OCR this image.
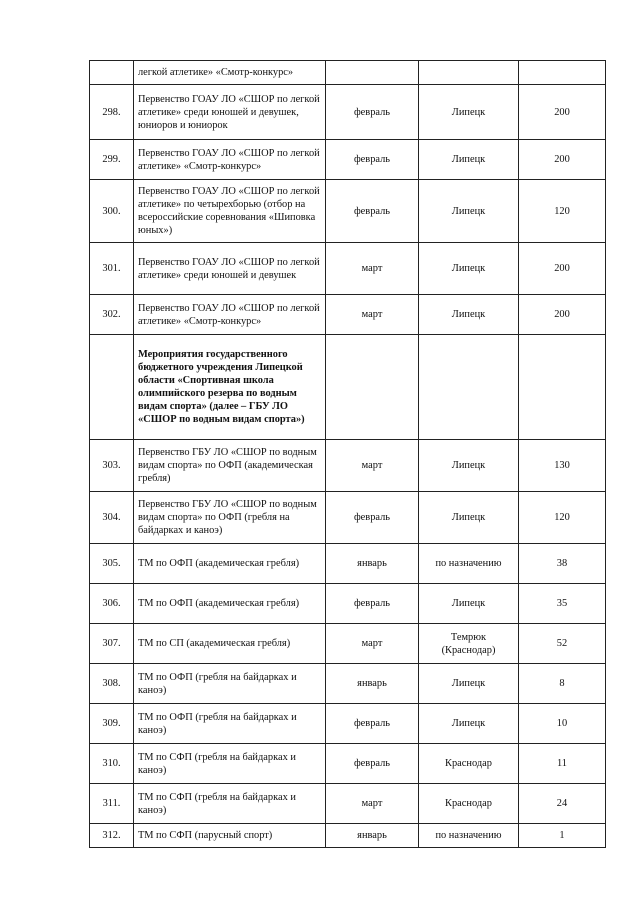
	легкой атлетике» «Смотр-конкурс»			
298.	Первенство ГОАУ ЛО «СШОР по легкой атлетике» среди юношей и девушек, юниоров и юниорок	февраль	Липецк	200
299.	Первенство ГОАУ ЛО «СШОР по легкой атлетике» «Смотр-конкурс»	февраль	Липецк	200
300.	Первенство ГОАУ ЛО «СШОР по легкой атлетике» по четырехборью (отбор на всероссийские соревнования «Шиповка юных»)	февраль	Липецк	120
301.	Первенство ГОАУ ЛО «СШОР по легкой атлетике» среди юношей и девушек	март	Липецк	200
302.	Первенство ГОАУ ЛО «СШОР по легкой атлетике» «Смотр-конкурс»	март	Липецк	200
	Мероприятия государственного бюджетного учреждения Липецкой области «Спортивная школа олимпийского резерва по водным видам спорта» (далее – ГБУ ЛО «СШОР по водным видам спорта»)			
303.	Первенство ГБУ ЛО «СШОР по водным видам спорта» по ОФП (академическая гребля)	март	Липецк	130
304.	Первенство ГБУ ЛО «СШОР по водным видам спорта» по ОФП (гребля на байдарках и каноэ)	февраль	Липецк	120
305.	ТМ по ОФП (академическая гребля)	январь	по назначению	38
306.	ТМ по ОФП (академическая гребля)	февраль	Липецк	35
307.	ТМ по СП (академическая гребля)	март	Темрюк (Краснодар)	52
308.	ТМ по ОФП (гребля на байдарках и каноэ)	январь	Липецк	8
309.	ТМ по ОФП (гребля на байдарках и каноэ)	февраль	Липецк	10
310.	ТМ по СФП (гребля на байдарках и каноэ)	февраль	Краснодар	11
311.	ТМ по СФП (гребля на байдарках и каноэ)	март	Краснодар	24
312.	ТМ по СФП (парусный спорт)	январь	по назначению	1
